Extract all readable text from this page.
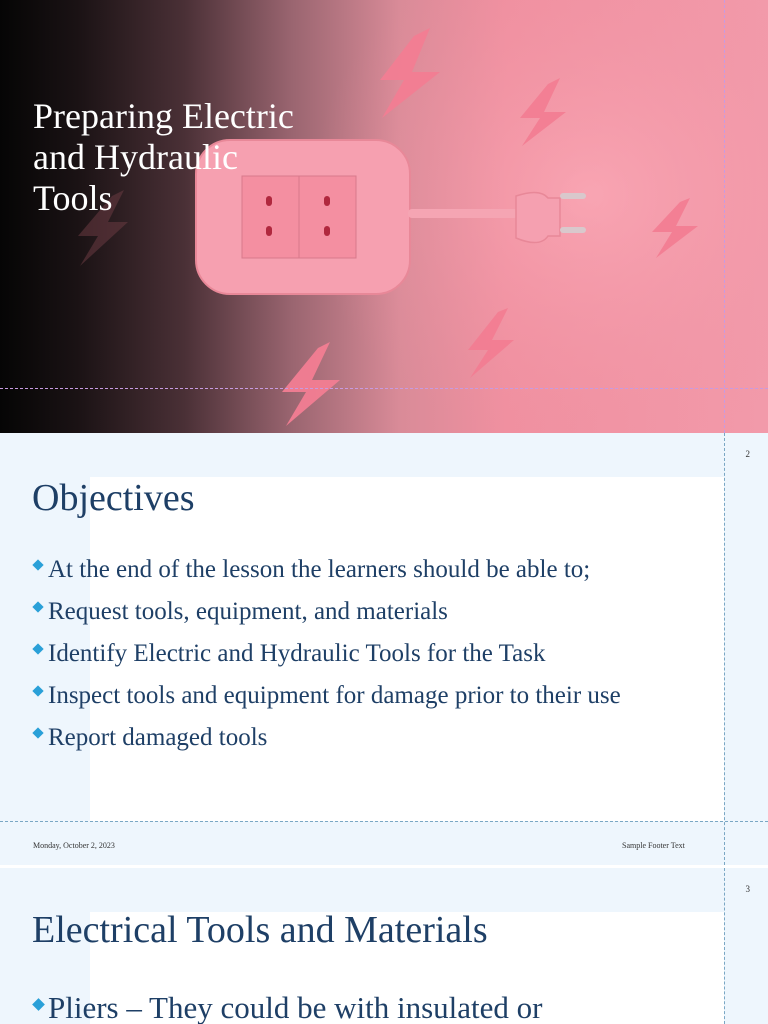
Preparing Electric
and Hydraulic
Tools
2
Objectives
At the end of the lesson the learners should be able to;
Request tools, equipment, and materials
Identify Electric and Hydraulic Tools for the Task
Inspect tools and equipment for damage prior to their use
Report damaged tools
Monday, October 2, 2023	Sample Footer Text
3
Electrical Tools and Materials
Pliers – They could be with insulated or
